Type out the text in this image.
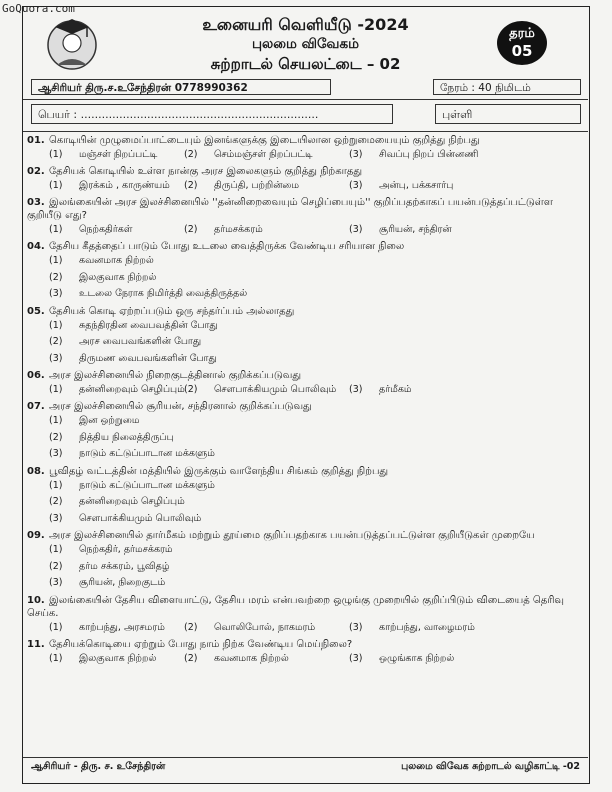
GoQuora.com
உனையரி வெளியீடு -2024
புலமை விவேகம்
சுற்றாடல் செயலட்டை – 02
தரம்
05
ஆசிரியர் திரு.ச.உசேந்திரன் 0778990362	நேரம் : 40 நிமிடம்
பெயர் : ....................................................................	புள்ளி

01. கொடியின் முழுமைப்பாட்டையும் இனங்களுக்கு இடையிலான ஒற்றுமையையும் குறித்து நிற்பது

(1) மஞ்சள் நிறப்பட்டி	(2) செம்மஞ்சள் நிறப்பட்டி	(3) சிவப்பு நிறப் பின்னணி

02. தேசியக் கொடியில் உள்ள நான்கு அரச இலைகளும் குறித்து நிற்காதது

(1) இரக்கம் , காருண்யம் (2) திருப்தி, பற்றின்மை	(3) அன்பு, பக்கசார்பு

03. இலங்கையின் அரச இலச்சினையில் ''தன்னிறைவையும் செழிப்பையும்'' குறிப்பதற்காகப் பயன்படுத்தப்பட்டுள்ள குறியீடு எது?

(1) நெற்கதிர்கள்	(2) தர்மசக்கரம்	(3) சூரியன், சந்திரன்

04. தேசிய கீதத்தைப் பாடும் போது உடலை வைத்திருக்க வேண்டிய சரியான நிலை

(1) கவனமாக நிற்றல்
(2) இலகுவாக நிற்றல்
(3) உடலை நேராக நிமிர்த்தி வைத்திருத்தல்

05. தேசியக் கொடி ஏற்றப்படும் ஒரு சந்தர்ப்பம் அல்லாதது

(1) சுதந்திரதின வைபவத்தின் போது
(2) அரச வைபவங்களின் போது
(3) திருமண வைபவங்களின் போது

06. அரச இலச்சினையில் நிறைகுடத்தினால் குறிக்கப்படுவது

(1) தன்னிறைவும் செழிப்பும் (2) சௌபாக்கியமும் பொலிவும் (3) தர்மீகம்

07. அரச இலச்சினையில் சூரியன், சந்திரனால் குறிக்கப்படுவது

(1) இன ஒற்றுமை
(2) நித்திய நிலைத்திருப்பு
(3) நாடும் கட்டுப்பாடான மக்களும்

08. பூவிதழ் வட்டத்தின் மத்தியில் இருக்கும் வாளேந்திய சிங்கம் குறித்து நிற்பது

(1) நாடும் கட்டுப்பாடான மக்களும்
(2) தன்னிறைவும் செழிப்பும்
(3) சௌபாக்கியமும் பொலிவும்

09. அரச இலச்சினையில் தார்மீகம் மற்றும் தூய்மை குறிப்பதற்காக பயன்படுத்தப்பட்டுள்ள குறியீடுகள் முறையே

(1) நெற்கதிர், தர்மசக்கரம்
(2) தர்ம சக்கரம், பூவிதழ்
(3) சூரியன், நிறைகுடம்

10. இலங்கையின் தேசிய விளையாட்டு, தேசிய மரம் என்பவற்றை ஒழுங்கு முறையில் குறிப்பிடும் விடையைத் தெரிவு செய்க.

(1) காற்பந்து, அரசமரம் (2) வொலிபோல், நாகமரம்	(3) காற்பந்து, வாழைமரம்

11. தேசியக்கொடியை ஏற்றும் போது நாம் நிற்க வேண்டிய மெய்நிலை?

(1) இலகுவாக நிற்றல்	(2) கவனமாக நிற்றல்	(3) ஒழுங்காக நிற்றல்
ஆசிரியர் - திரு. ச. உசேந்திரன்	புலமை விவேக சுற்றாடல் வழிகாட்டி -02
